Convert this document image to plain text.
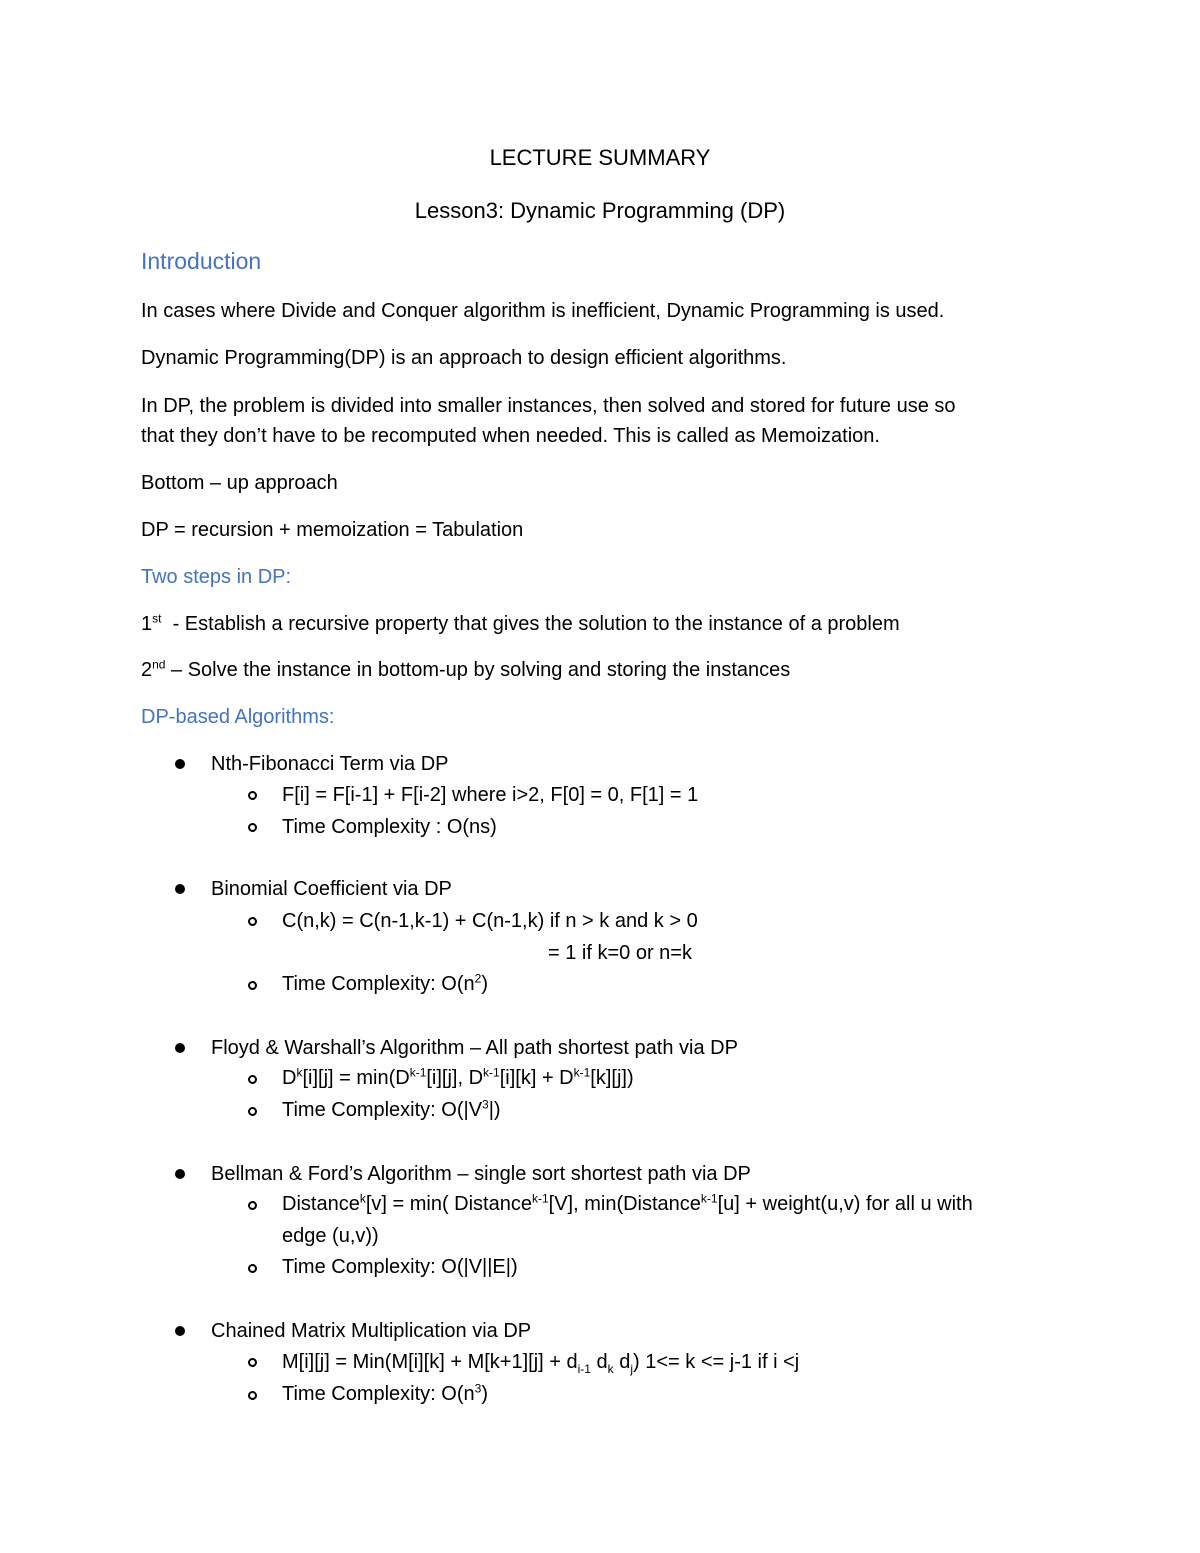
LECTURE SUMMARY
Lesson3: Dynamic Programming (DP)
Introduction
In cases where Divide and Conquer algorithm is inefficient, Dynamic Programming is used.
Dynamic Programming(DP) is an approach to design efficient algorithms.
In DP, the problem is divided into smaller instances, then solved and stored for future use so
that they don’t have to be recomputed when needed. This is called as Memoization.
Bottom – up approach
DP = recursion + memoization = Tabulation
Two steps in DP:
1st  - Establish a recursive property that gives the solution to the instance of a problem
2nd – Solve the instance in bottom-up by solving and storing the instances
DP-based Algorithms:
Nth-Fibonacci Term via DP
F[i] = F[i-1] + F[i-2] where i>2, F[0] = 0, F[1] = 1
Time Complexity : O(ns)
Binomial Coefficient via DP
C(n,k) = C(n-1,k-1) + C(n-1,k) if n > k and k > 0
= 1 if k=0 or n=k
Time Complexity: $O(n^2)$
Floyd & Warshall’s Algorithm – All path shortest path via DP
$D^k[i][j] = \min(D^{k-1}[i][j]$, $D^{k-1}[i][k] + D^{k-1}[k][j]$)
Time Complexity: $O(|V^3|)$
Bellman & Ford’s Algorithm – single sort shortest path via DP
Distance$^k$[v] = min( Distance$^{k-1}$[V], min(Distance$^{k-1}$[u] + weight(u,v) for all u with
edge (u,v))
Time Complexity: O(|V||E|)
Chained Matrix Multiplication via DP
$M[i][j] = Min(M[i][k] + M[k+1][j] + d_{i-1}$ $d_k$ $d_j$) 1<= k <= j-1 if i <j
Time Complexity: $O(n^3)$
